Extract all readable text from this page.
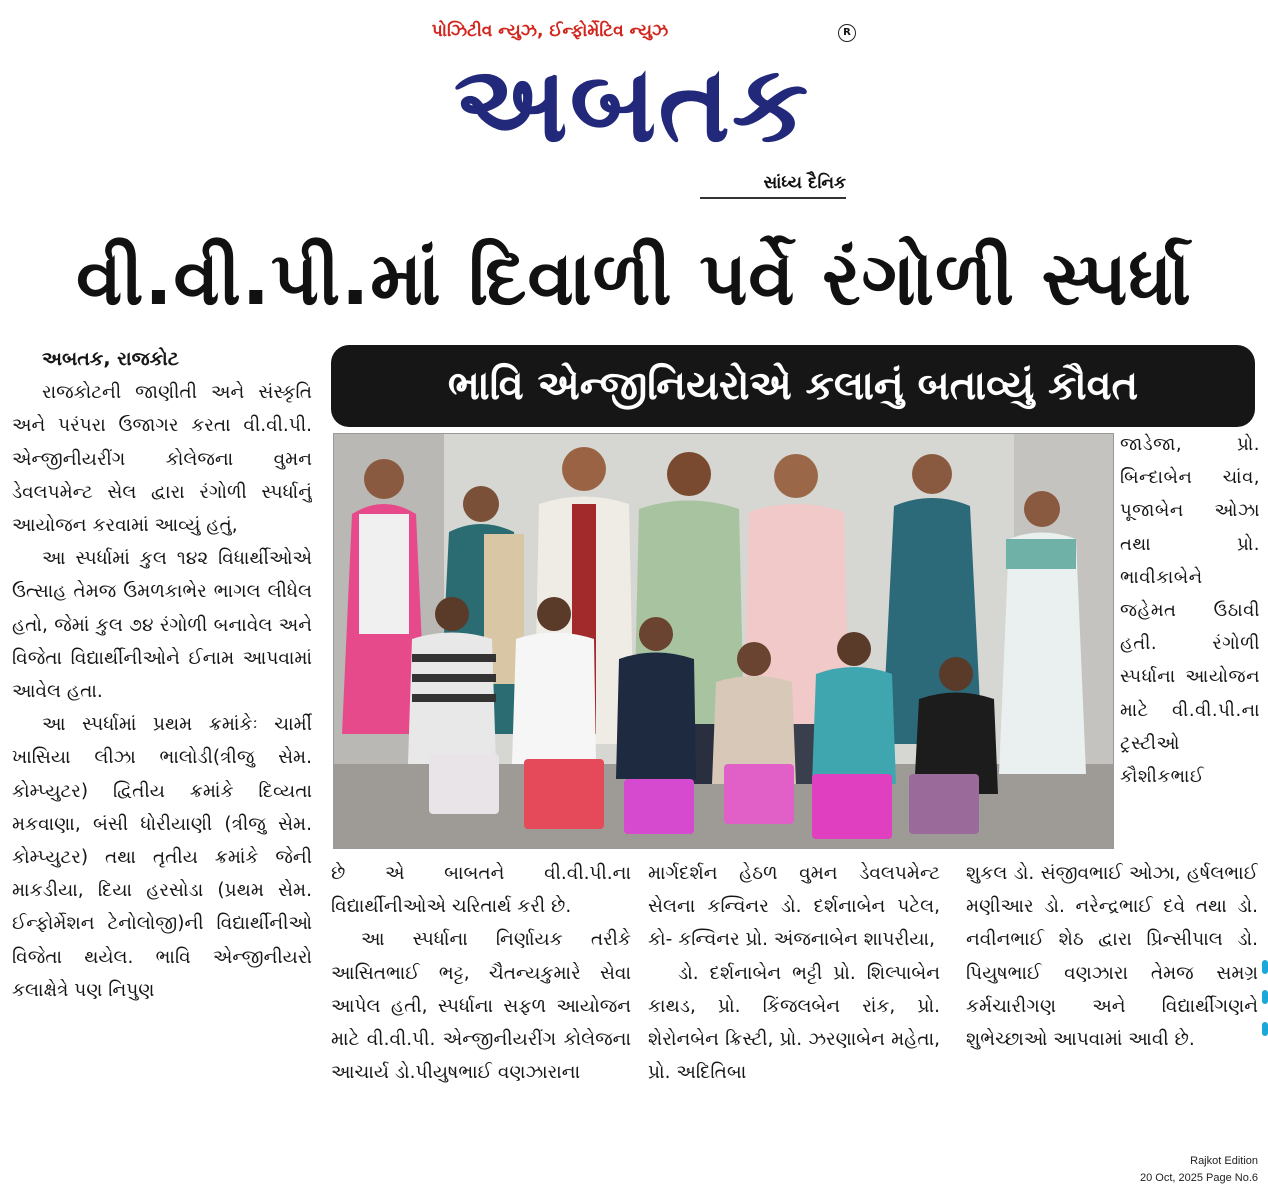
પોઝિટીવ ન્યુઝ, ઈન્ફોર્મેટિવ ન્યુઝ	R
અબતક
સાંધ્ય દૈનિક
વી.વી.પી.માં દિવાળી પર્વે રંગોળી સ્પર્ધા
ભાવિ એન્જીનિયરોએ કલાનું બતાવ્યું કૌવત

અબતક, રાજકોટ

રાજકોટની જાણીતી અને સંસ્કૃતિ અને પરંપરા ઉજાગર કરતા વી.વી.પી. એન્જીનીયરીંગ કોલેજના વુમન ડેવલપમેન્ટ સેલ દ્વારા રંગોળી સ્પર્ધાનું આયોજન કરવામાં આવ્યું હતું,

આ સ્પર્ધામાં કુલ ૧૪૨ વિધાર્થીઓએ ઉત્સાહ તેમજ ઉમળકાભેર ભાગલ લીધેલ હતો, જેમાં કુલ ૭૪ રંગોળી બનાવેલ અને વિજેતા વિદ્યાર્થીનીઓને ઈનામ આપવામાં આવેલ હતા.

આ સ્પર્ધામાં પ્રથમ ક્રમાંકેઃ ચાર્મી ખાસિયા લીઝા ભાલોડી(ત્રીજુ સેમ. કોમ્પ્યુટર) દ્વિતીય ક્રમાંકે દિવ્યતા મકવાણા, બંસી ધોરીયાણી (ત્રીજુ સેમ. કોમ્પ્યુટર) તથા તૃતીય ક્રમાંકે જેની માકડીયા, દિયા હરસોડા (પ્રથમ સેમ. ઈન્ફોર્મેશન ટેનોલોજી)ની વિદ્યાર્થીનીઓ વિજેતા થયેલ. ભાવિ એન્જીનીયરો કલાક્ષેત્રે પણ નિપુણ

જાડેજા, પ્રો. બિન્દાબેન ચાંવ, પૂજાબેન ઓઝા તથા પ્રો. ભાવીકાબેને જહેમત ઉઠાવી હતી. રંગોળી સ્પર્ધાના આયોજન માટે વી.વી.પી.ના ટ્રસ્ટીઓ કૌશીકભાઈ

છે એ બાબતને વી.વી.પી.ના વિદ્યાર્થીનીઓએ ચરિતાર્થ કરી છે.

આ સ્પર્ધાના નિર્ણાયક તરીકે આસિતભાઈ ભટ્ટ, ચૈતન્યકુમારે સેવા આપેલ હતી, સ્પર્ધાના સફળ આયોજન માટે વી.વી.પી. એન્જીનીયરીંગ કોલેજના આચાર્ય ડો.પીયુષભાઈ વણઝારાના

માર્ગદર્શન હેઠળ વુમન ડેવલપમેન્ટ સેલના કન્વિનર ડો. દર્શનાબેન પટેલ, કો- કન્વિનર પ્રો. અંજનાબેન શાપરીયા,

ડો. દર્શનાબેન ભટ્ટી પ્રો. શિલ્પાબેન કાથડ, પ્રો. કિંજલબેન રાંક, પ્રો. શેરોનબેન ક્રિસ્ટી, પ્રો. ઝરણાબેન મહેતા, પ્રો. અદિતિબા

શુકલ ડો. સંજીવભાઈ ઓઝા, હર્ષલભાઈ મણીઆર ડો. નરેન્દ્રભાઈ દવે તથા ડો. નવીનભાઈ શેઠ દ્વારા પ્રિન્સીપાલ ડો. પિયુષભાઈ વણઝારા તેમજ સમગ્ર કર્મચારીગણ અને વિદ્યાર્થીગણને શુભેચ્છાઓ આપવામાં આવી છે.

Rajkot Edition
20 Oct, 2025 Page No.6
